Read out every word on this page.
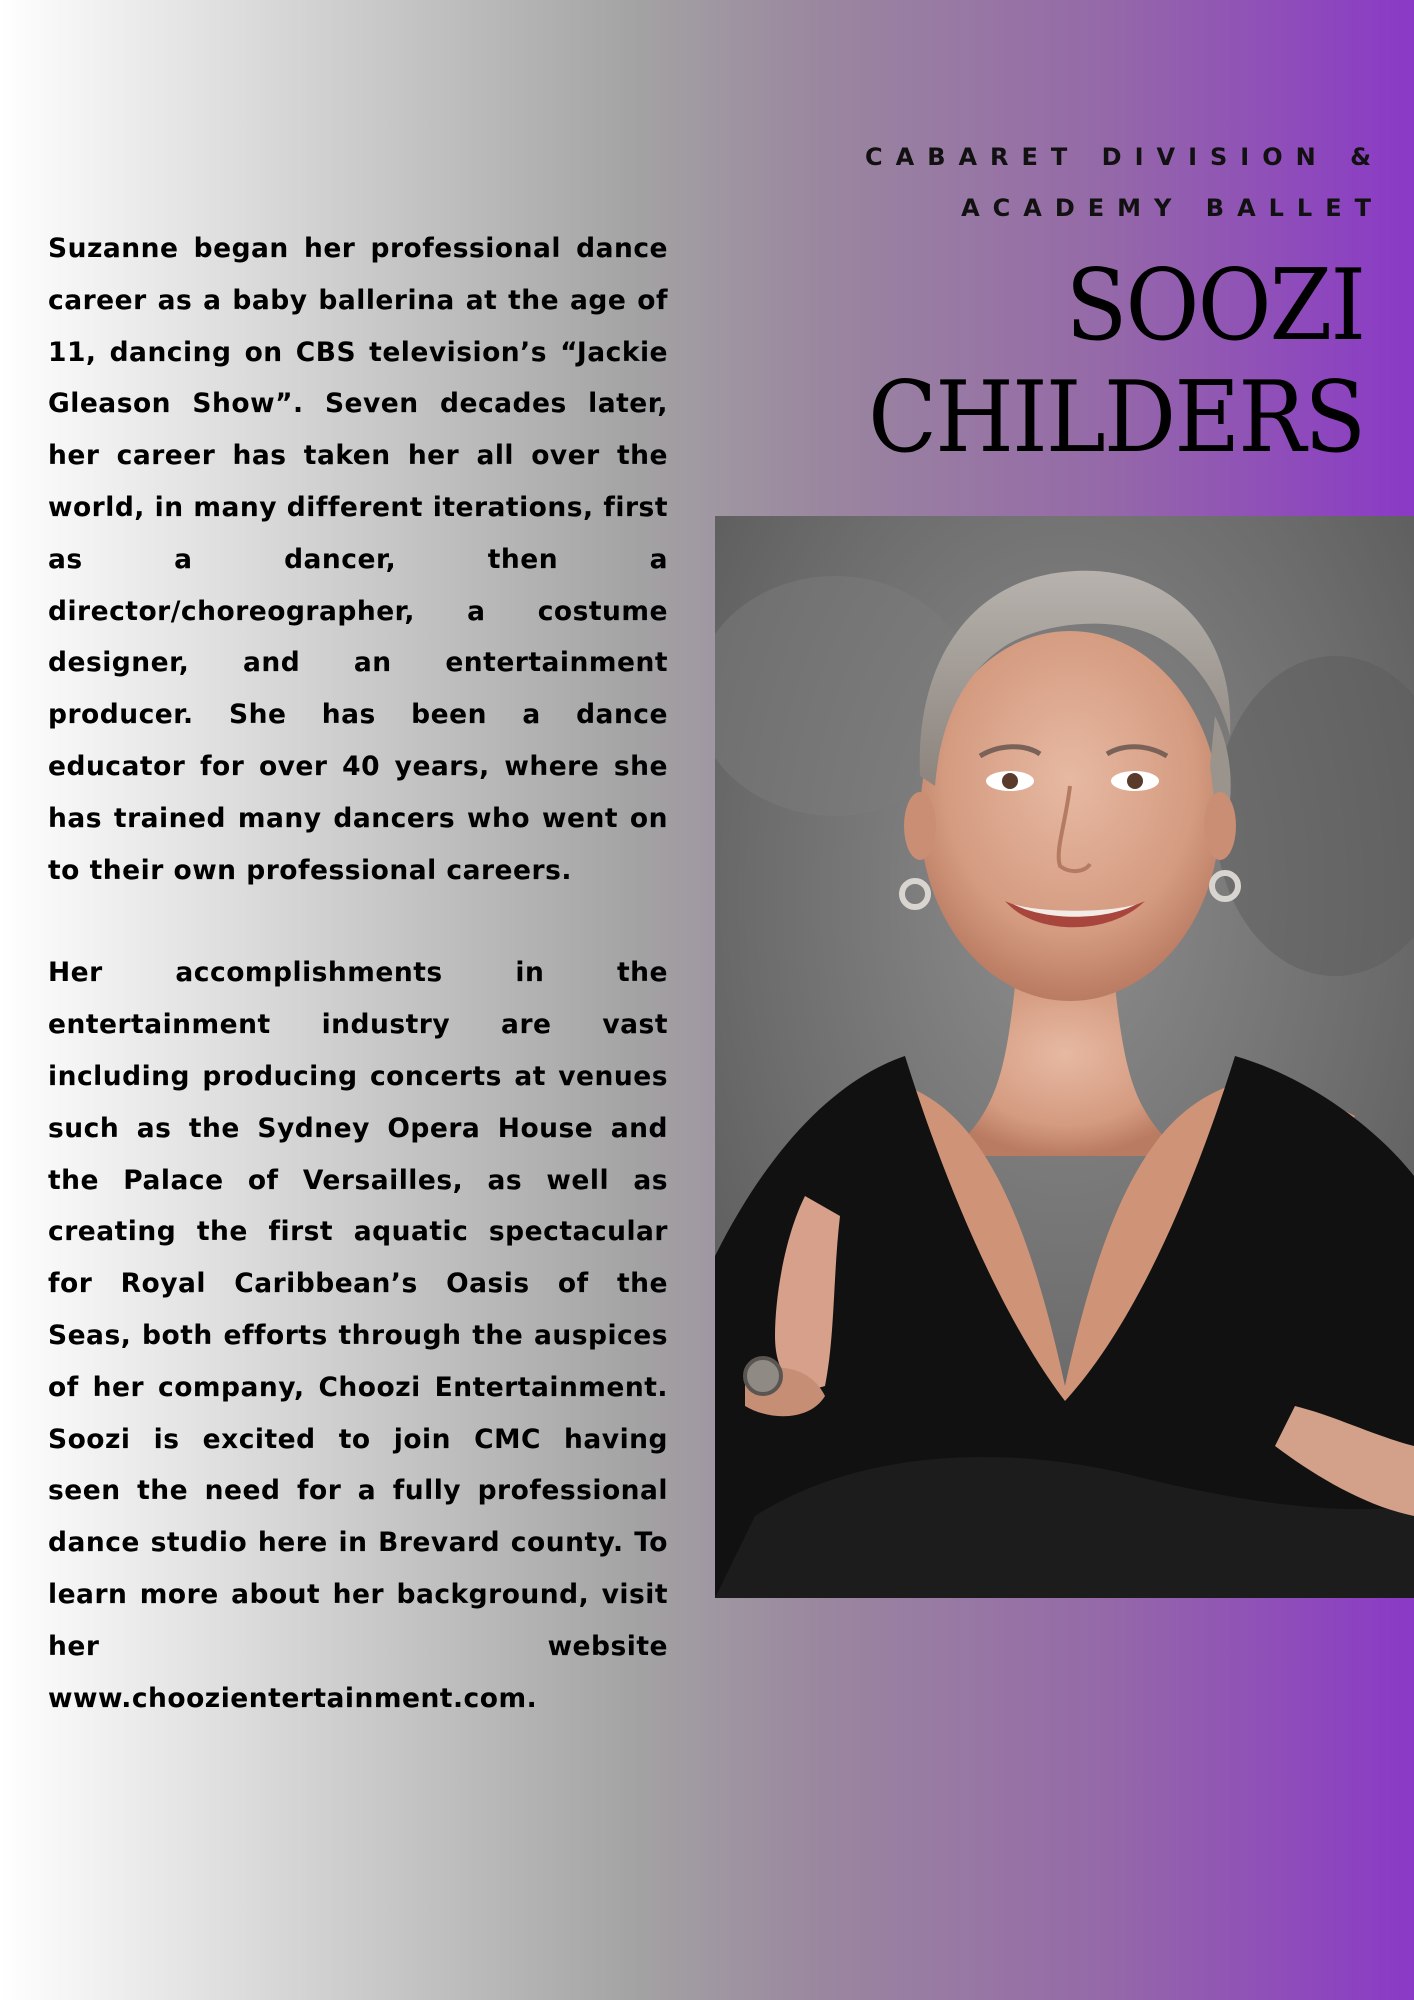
Suzanne began her professional dance career as a baby ballerina at the age of 11, dancing on CBS television’s “Jackie Gleason Show”. Seven decades later, her career has taken her all over the world, in many different iterations, first as a dancer, then a director/choreographer, a costume designer, and an entertainment producer. She has been a dance educator for over 40 years, where she has trained many dancers who went on to their own professional careers.

Her accomplishments in the entertainment industry are vast including producing concerts at venues such as the Sydney Opera House and the Palace of Versailles, as well as creating the first aquatic spectacular for Royal Caribbean’s Oasis of the Seas, both efforts through the auspices of her company, Choozi Entertainment. Soozi is excited to join CMC having seen the need for a fully professional dance studio here in Brevard county. To learn more about her background, visit her website www.choozientertainment.com.

CABARET DIVISION &
ACADEMY BALLET
SOOZI
CHILDERS
